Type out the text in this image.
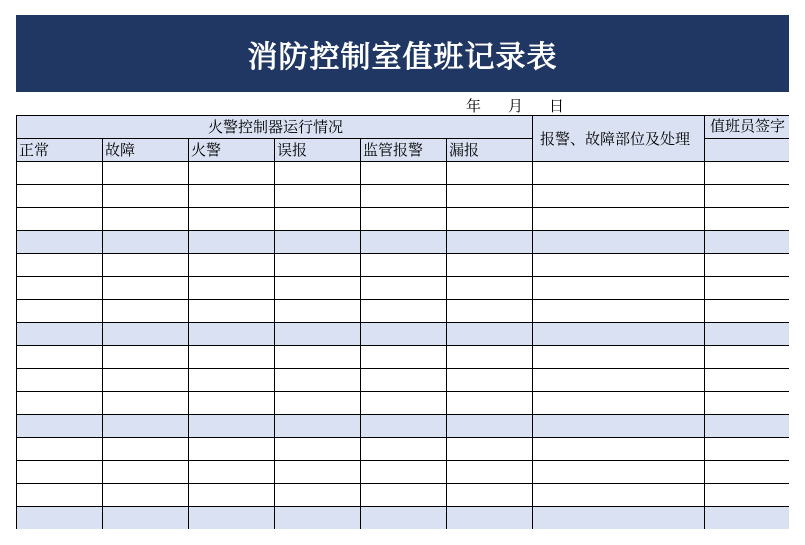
消防控制室值班记录表
年 月 日
火警控制器运行情况						报警、故障部位及处理	值班员签字
正常	故障	火警	误报	监管报警	漏报		
